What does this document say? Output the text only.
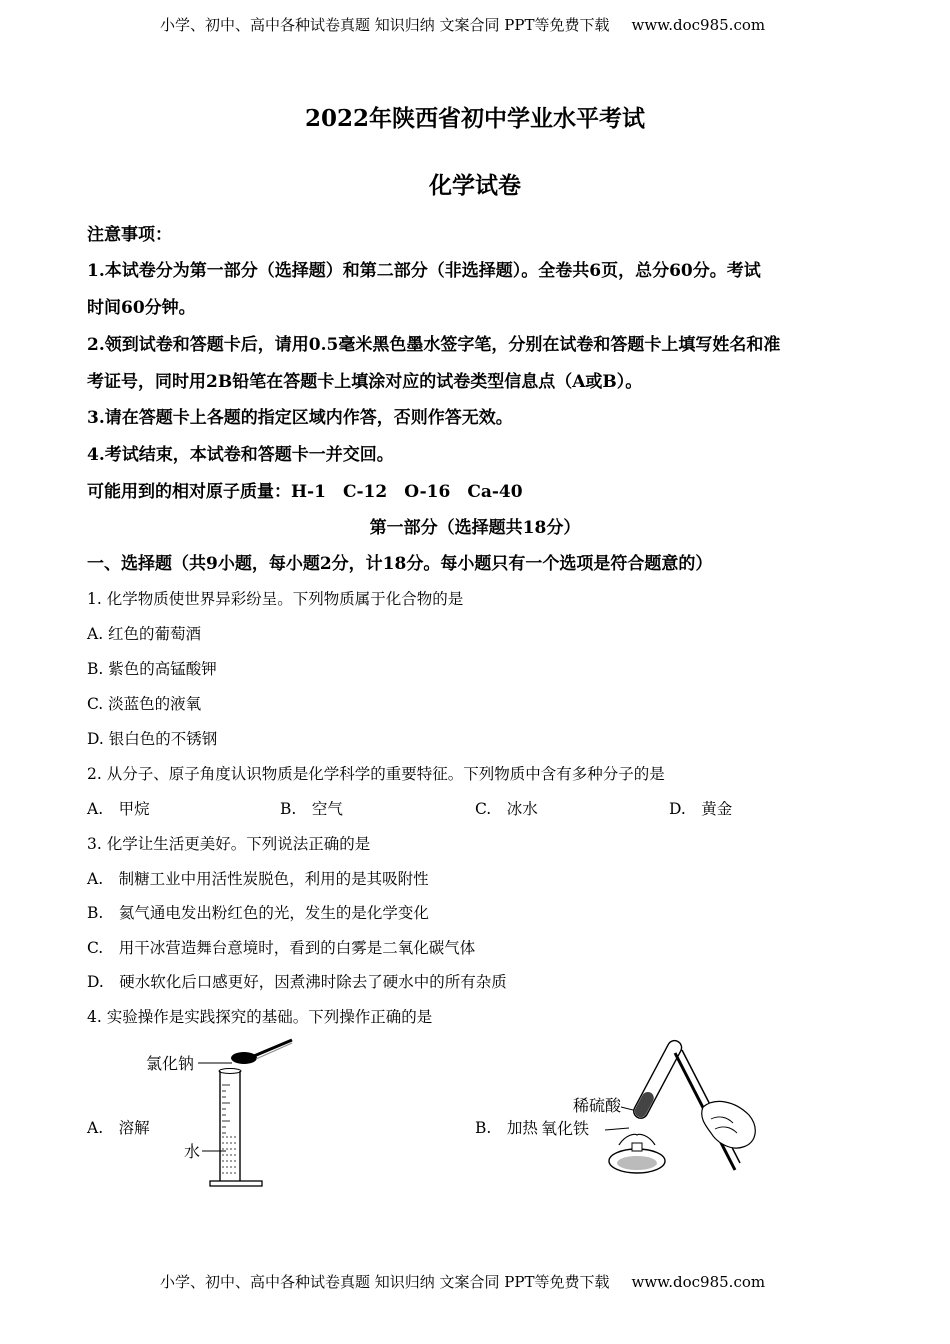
小学、初中、高中各种试卷真题 知识归纳 文案合同 PPT等免费下载 www.doc985.com
2022年陕西省初中学业水平考试
化学试卷
注意事项：
1.本试卷分为第一部分（选择题）和第二部分（非选择题）。全卷共6页，总分60分。考试
时间60分钟。
2.领到试卷和答题卡后，请用0.5毫米黑色墨水签字笔，分别在试卷和答题卡上填写姓名和准
考证号，同时用2B铅笔在答题卡上填涂对应的试卷类型信息点（A或B）。
3.请在答题卡上各题的指定区域内作答，否则作答无效。
4.考试结束，本试卷和答题卡一并交回。
可能用到的相对原子质量：H-1　C-12　O-16　Ca-40
第一部分（选择题共18分）
一、选择题（共9小题，每小题2分，计18分。每小题只有一个选项是符合题意的）
1. 化学物质使世界异彩纷呈。下列物质属于化合物的是
A. 红色的葡萄酒
B. 紫色的高锰酸钾
C. 淡蓝色的液氧
D. 银白色的不锈钢
2. 从分子、原子角度认识物质是化学科学的重要特征。下列物质中含有多种分子的是
A.　甲烷	B.　空气	C.　冰水	D.　黄金
3. 化学让生活更美好。下列说法正确的是
A.　制糖工业中用活性炭脱色，利用的是其吸附性
B.　氦气通电发出粉红色的光，发生的是化学变化
C.　用干冰营造舞台意境时，看到的白雾是二氧化碳气体
D.　硬水软化后口感更好，因煮沸时除去了硬水中的所有杂质
4. 实验操作是实践探究的基础。下列操作正确的是
A.　溶解	B.　加热
氯化钠
水
稀硫酸
氧化铁
小学、初中、高中各种试卷真题 知识归纳 文案合同 PPT等免费下载 www.doc985.com
